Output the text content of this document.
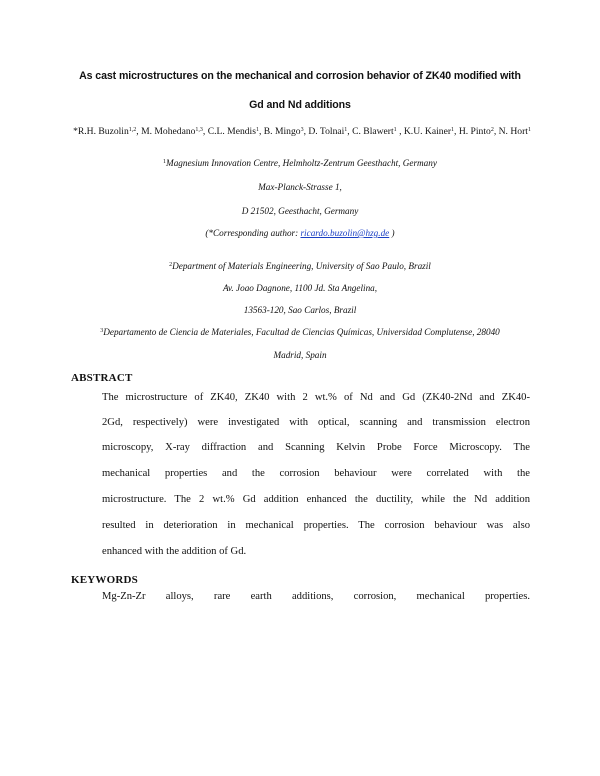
As cast microstructures on the mechanical and corrosion behavior of ZK40 modified with
Gd and Nd additions
*R.H. Buzolin$^{1,2}$, M. Mohedano$^{1,3}$, C.L. Mendis$^1$, B. Mingo$^3$, D. Tolnai$^1$, C. Blawert$^1$ , K.U. Kainer$^1$, H. Pinto$^2$, N. Hort$^1$
$^1$Magnesium Innovation Centre, Helmholtz-Zentrum Geesthacht, Germany
Max-Planck-Strasse 1,
D 21502, Geesthacht, Germany
(*Corresponding author: ricardo.buzolin@hzg.de )
$^2$Department of Materials Engineering, University of Sao Paulo, Brazil
Av. Joao Dagnone, 1100 Jd. Sta Angelina,
13563-120, Sao Carlos, Brazil
$^3$Departamento de Ciencia de Materiales, Facultad de Ciencias Químicas, Universidad Complutense, 28040
Madrid, Spain
ABSTRACT
The microstructure of ZK40, ZK40 with 2 wt.% of Nd and Gd (ZK40-2Nd and ZK40-
2Gd, respectively) were investigated with optical, scanning and transmission electron
microscopy, X-ray diffraction and Scanning Kelvin Probe Force Microscopy. The
mechanical properties and the corrosion behaviour were correlated with the
microstructure. The 2 wt.% Gd addition enhanced the ductility, while the Nd addition
resulted in deterioration in mechanical properties. The corrosion behaviour was also
enhanced with the addition of Gd.
KEYWORDS
Mg-Zn-Zr alloys, rare earth additions, corrosion, mechanical properties.
